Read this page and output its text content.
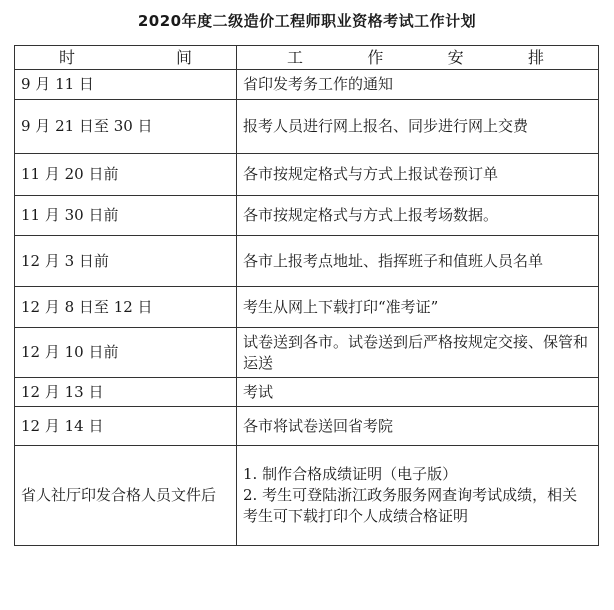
2020年度二级造价工程师职业资格考试工作计划
时 间	工 作 安 排

9 月 11 日	省印发考务工作的通知

9 月 21 日至 30 日	报考人员进行网上报名、同步进行网上交费

11 月 20 日前	各市按规定格式与方式上报试卷预订单

11 月 30 日前	各市按规定格式与方式上报考场数据。

12 月 3 日前	各市上报考点地址、指挥班子和值班人员名单

12 月 8 日至 12 日	考生从网上下载打印“准考证”

12 月 10 日前	试卷送到各市。试卷送到后严格按规定交接、保管和运送

12 月 13 日	考试

12 月 14 日	各市将试卷送回省考院

省人社厅印发合格人员文件后	1. 制作合格成绩证明（电子版）
2. 考生可登陆浙江政务服务网查询考试成绩，相关考生可下载打印个人成绩合格证明
